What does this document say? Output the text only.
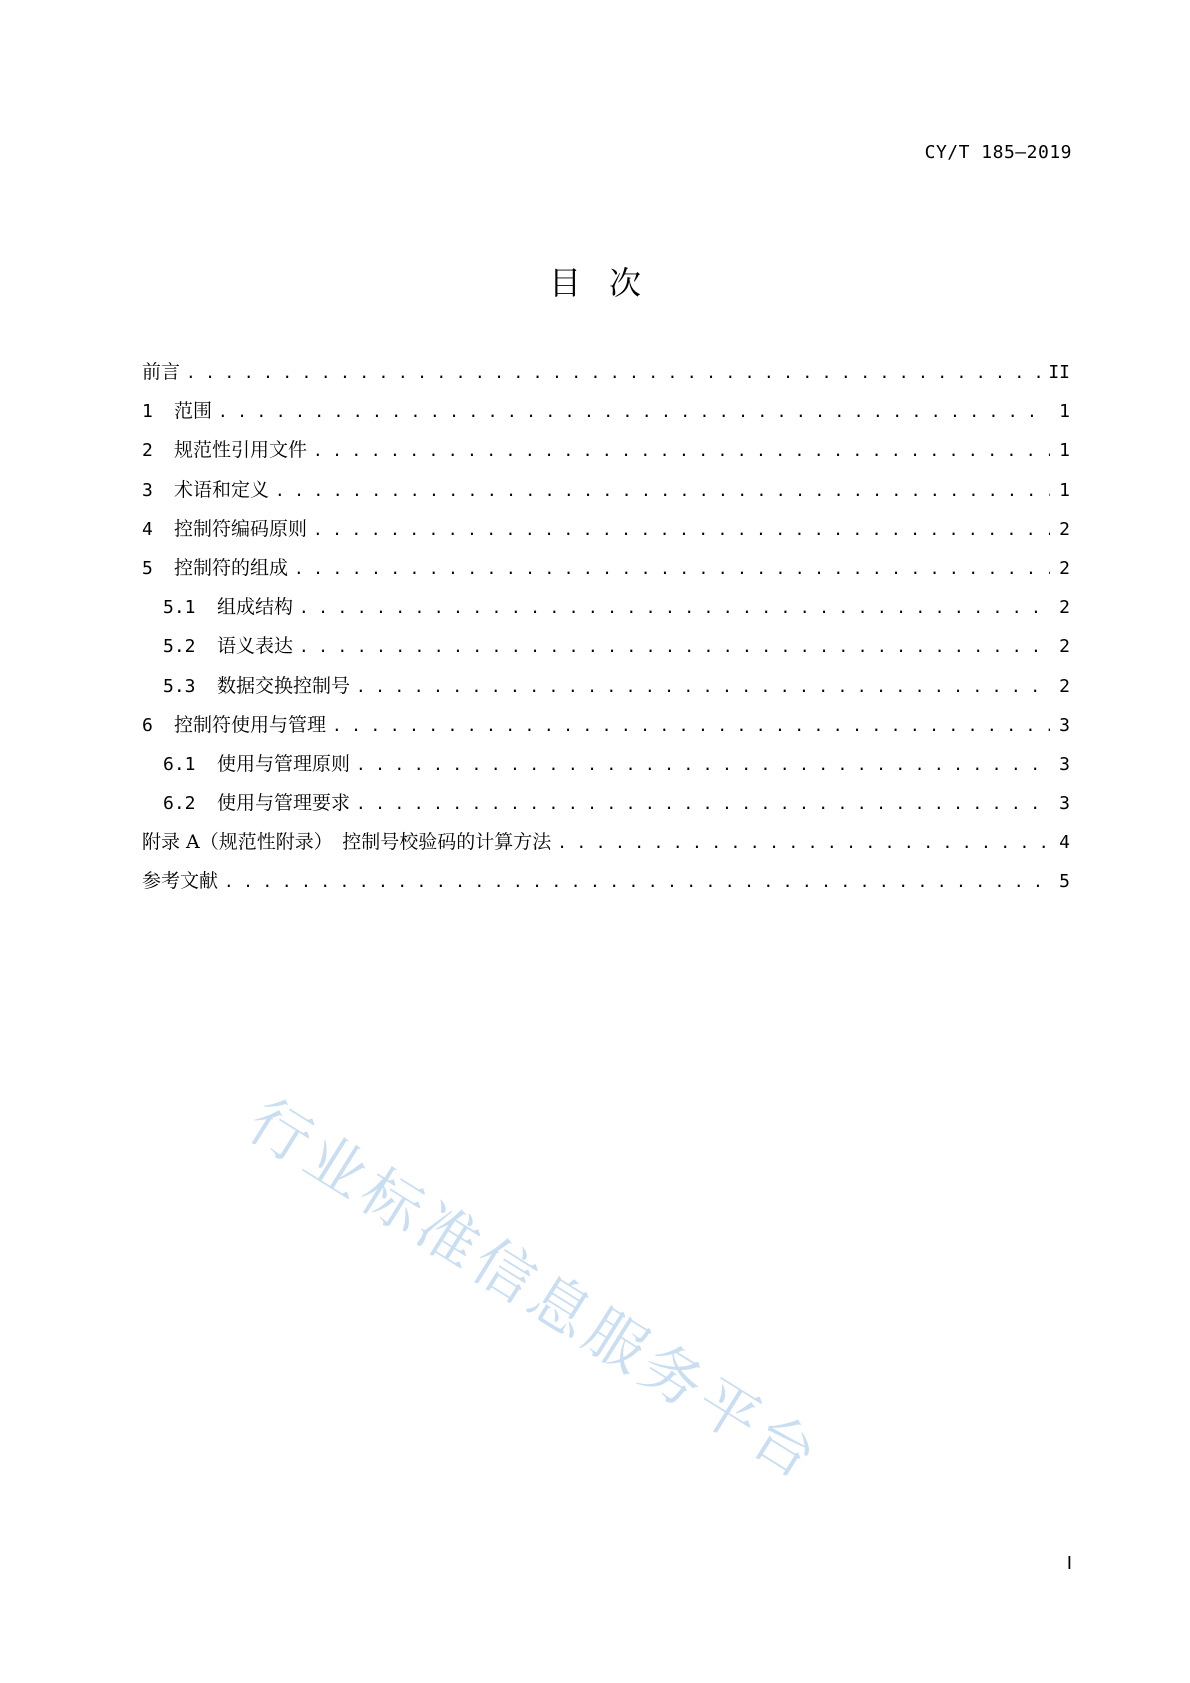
CY/T 185—2019
目次
前言 . . .	II
1	范围 . . .	1
2	规范性引用文件 . . .	1
3	术语和定义 . . .	1
4	控制符编码原则 . . .	2
5	控制符的组成 . . .	2
5.1	组成结构 . . .	2
5.2	语义表达 . . .	2
5.3	数据交换控制号 . . .	2
6	控制符使用与管理 . . .	3
6.1	使用与管理原则 . . .	3
6.2	使用与管理要求 . . .	3
附录 A（规范性附录）　控制号校验码的计算方法 . . .	4
参考文献 . . .	5
行业标准信息服务平台
I
